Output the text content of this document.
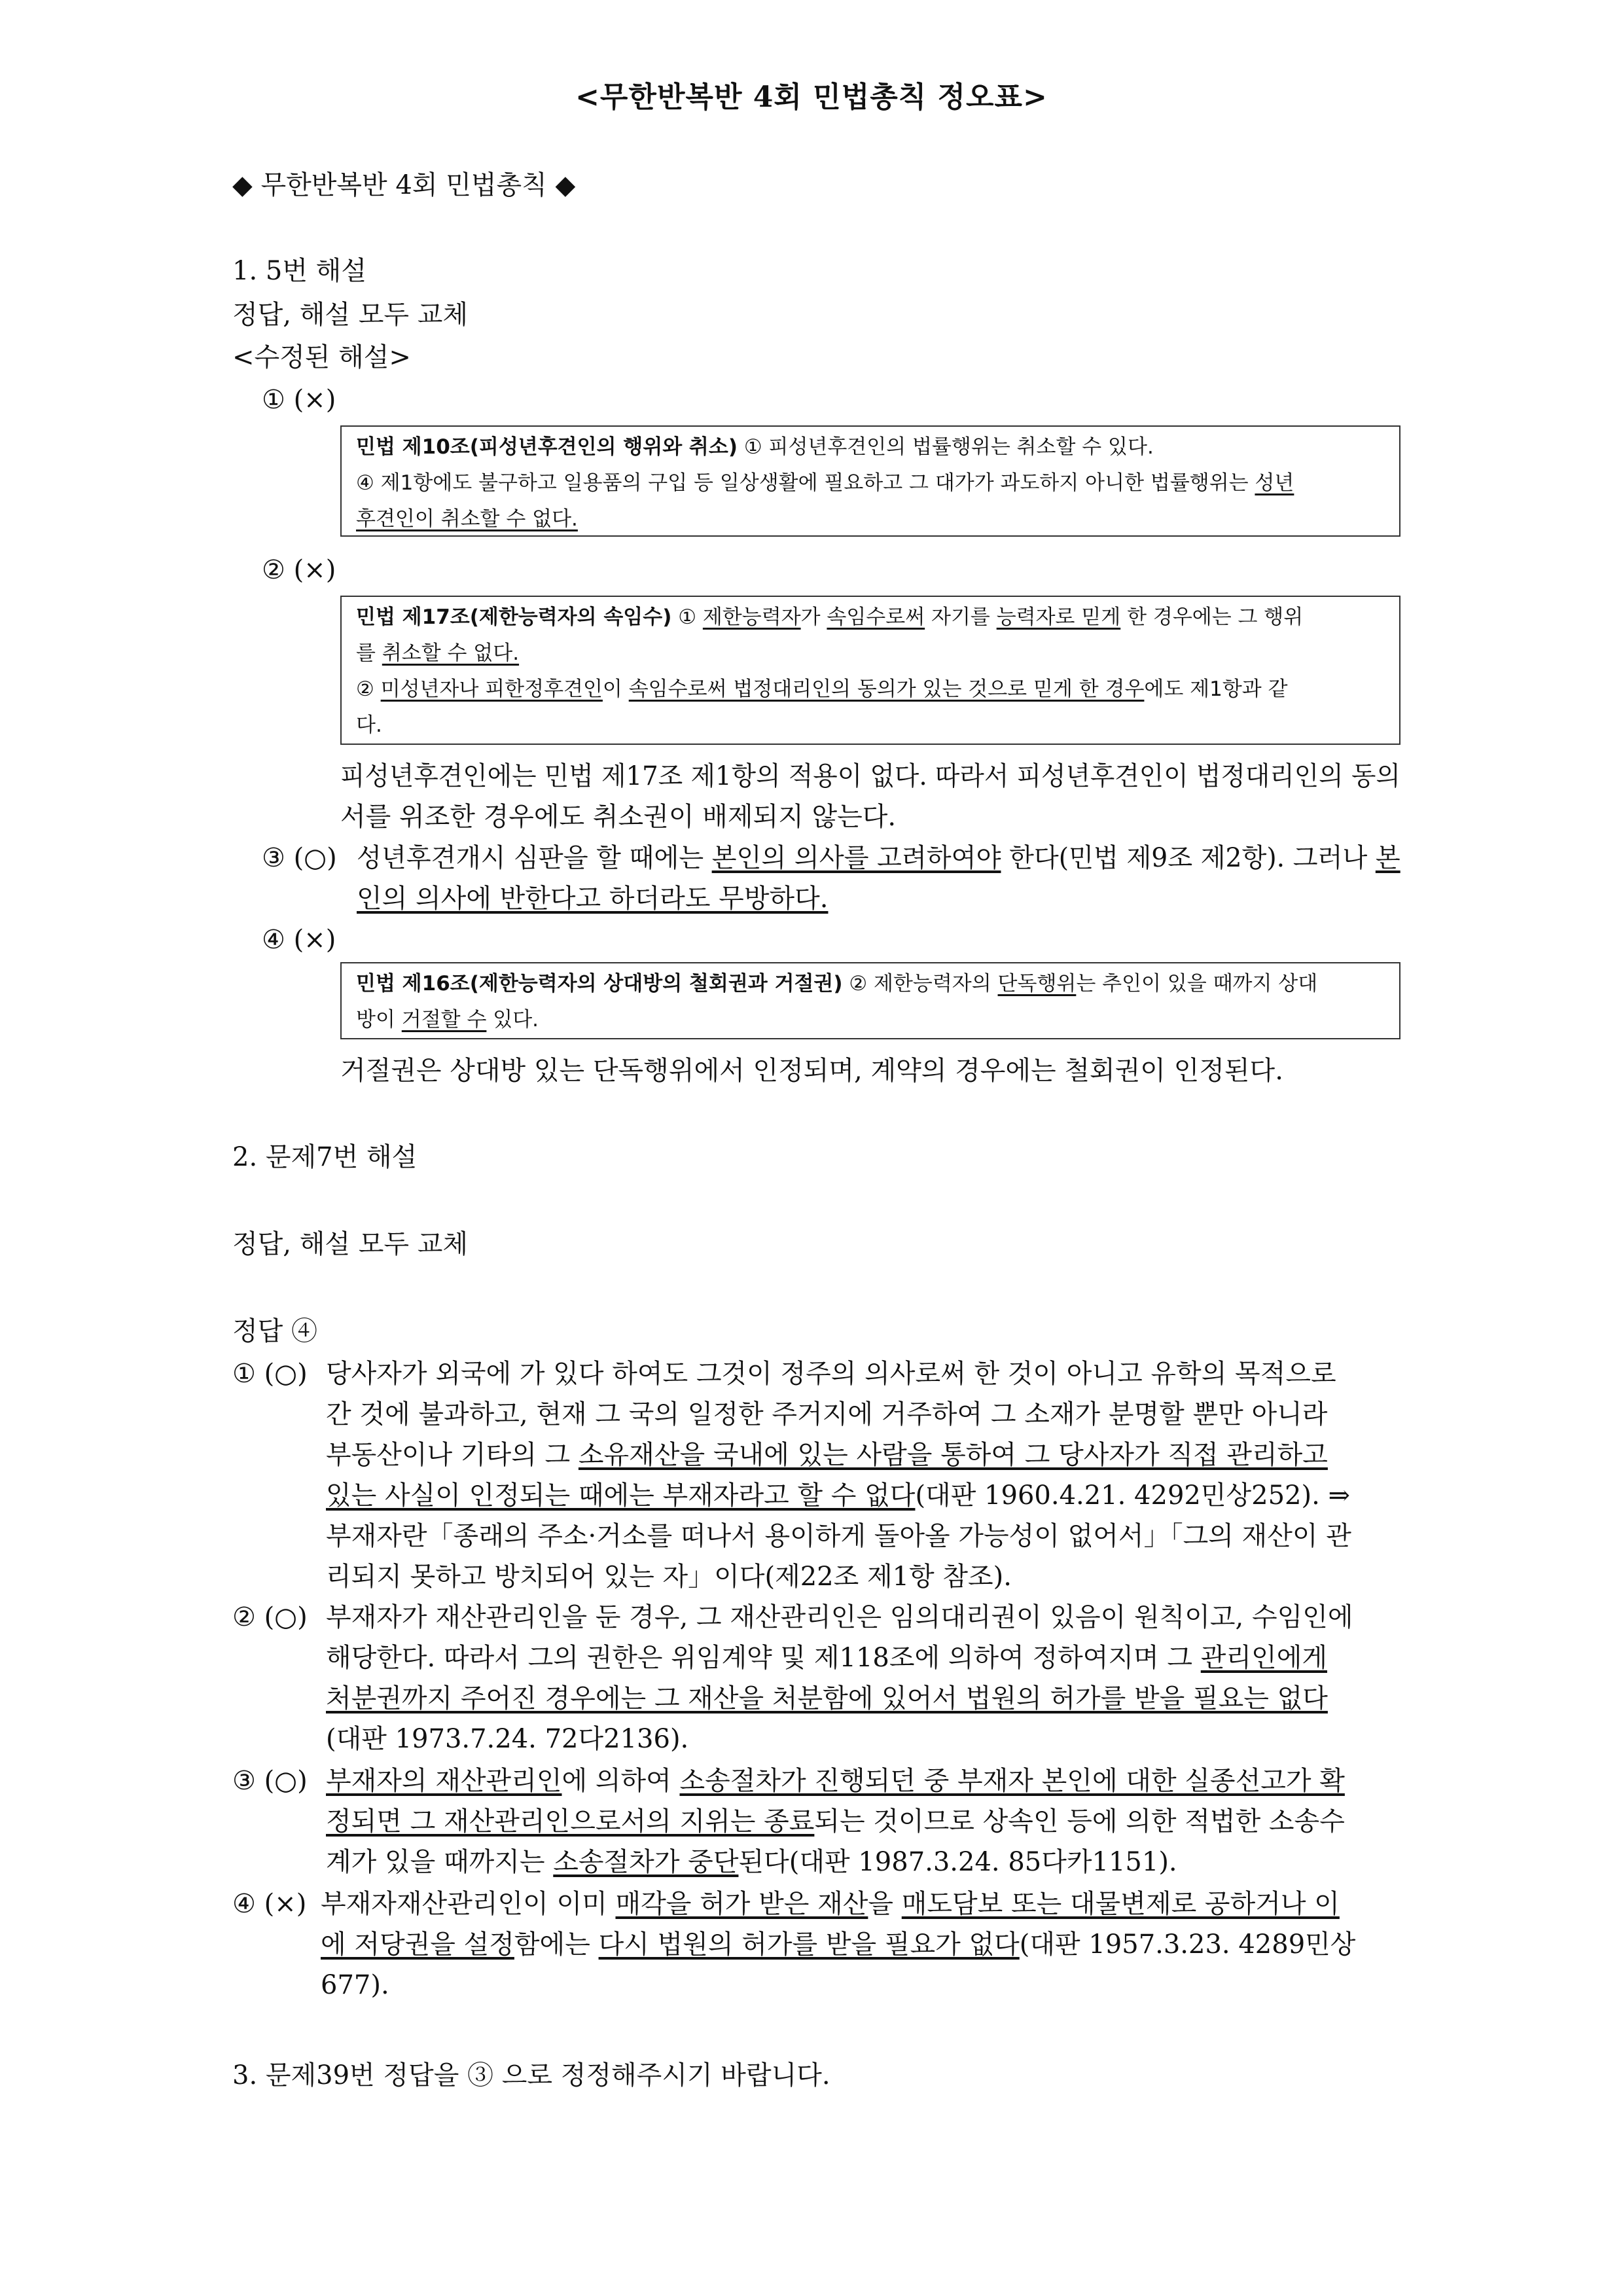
<무한반복반 4회 민법총칙 정오표>
◆ 무한반복반 4회 민법총칙 ◆
1. 5번 해설
정답, 해설 모두 교체
<수정된 해설>
① (×)
민법 제10조(피성년후견인의 행위와 취소) ① 피성년후견인의 법률행위는 취소할 수 있다.
④ 제1항에도 불구하고 일용품의 구입 등 일상생활에 필요하고 그 대가가 과도하지 아니한 법률행위는 성년
후견인이 취소할 수 없다.
② (×)
민법 제17조(제한능력자의 속임수) ① 제한능력자가 속임수로써 자기를 능력자로 믿게 한 경우에는 그 행위
를 취소할 수 없다.
② 미성년자나 피한정후견인이 속임수로써 법정대리인의 동의가 있는 것으로 믿게 한 경우에도 제1항과 같
다.
피성년후견인에는 민법 제17조 제1항의 적용이 없다. 따라서 피성년후견인이 법정대리인의 동의
서를 위조한 경우에도 취소권이 배제되지 않는다.
③ (○) 성년후견개시 심판을 할 때에는 본인의 의사를 고려하여야 한다(민법 제9조 제2항). 그러나 본
인의 의사에 반한다고 하더라도 무방하다.
④ (×)
민법 제16조(제한능력자의 상대방의 철회권과 거절권) ② 제한능력자의 단독행위는 추인이 있을 때까지 상대
방이 거절할 수 있다.
거절권은 상대방 있는 단독행위에서 인정되며, 계약의 경우에는 철회권이 인정된다.
2. 문제7번 해설
정답, 해설 모두 교체
정답 ④
① (○) 당사자가 외국에 가 있다 하여도 그것이 정주의 의사로써 한 것이 아니고 유학의 목적으로
간 것에 불과하고, 현재 그 국의 일정한 주거지에 거주하여 그 소재가 분명할 뿐만 아니라
부동산이나 기타의 그 소유재산을 국내에 있는 사람을 통하여 그 당사자가 직접 관리하고
있는 사실이 인정되는 때에는 부재자라고 할 수 없다(대판 1960.4.21. 4292민상252). ⇒
부재자란「종래의 주소·거소를 떠나서 용이하게 돌아올 가능성이 없어서」「그의 재산이 관
리되지 못하고 방치되어 있는 자」이다(제22조 제1항 참조).
② (○) 부재자가 재산관리인을 둔 경우, 그 재산관리인은 임의대리권이 있음이 원칙이고, 수임인에
해당한다. 따라서 그의 권한은 위임계약 및 제118조에 의하여 정하여지며 그 관리인에게
처분권까지 주어진 경우에는 그 재산을 처분함에 있어서 법원의 허가를 받을 필요는 없다
(대판 1973.7.24. 72다2136).
③ (○) 부재자의 재산관리인에 의하여 소송절차가 진행되던 중 부재자 본인에 대한 실종선고가 확
정되면 그 재산관리인으로서의 지위는 종료되는 것이므로 상속인 등에 의한 적법한 소송수
계가 있을 때까지는 소송절차가 중단된다(대판 1987.3.24. 85다카1151).
④ (×) 부재자재산관리인이 이미 매각을 허가 받은 재산을 매도담보 또는 대물변제로 공하거나 이
에 저당권을 설정함에는 다시 법원의 허가를 받을 필요가 없다(대판 1957.3.23. 4289민상
677).
3. 문제39번 정답을 ③ 으로 정정해주시기 바랍니다.
